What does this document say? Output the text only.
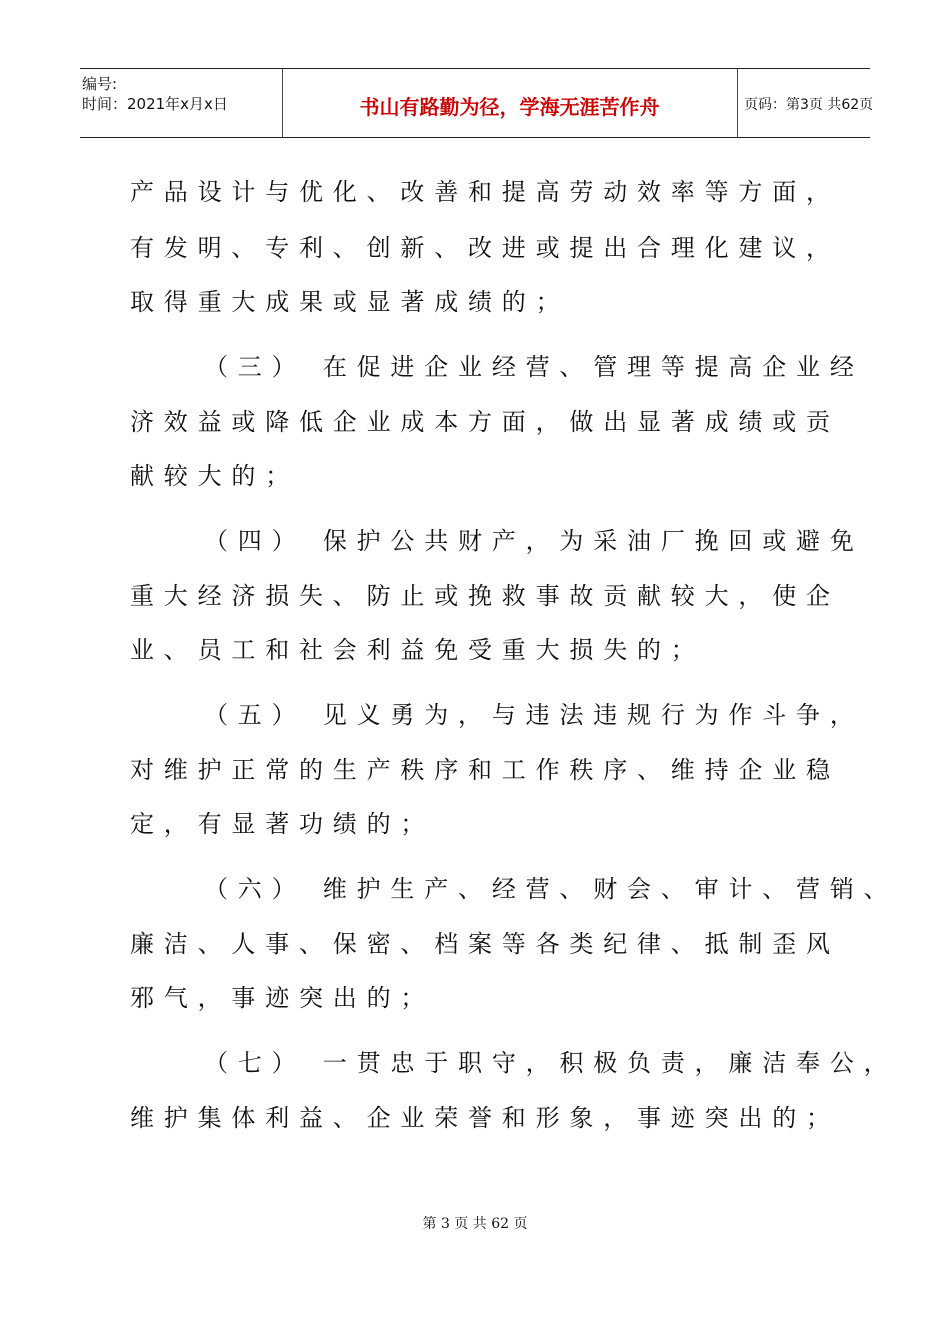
编号:
时间：2021年x月x日	书山有路勤为径，学海无涯苦作舟	页码：第3页 共62页
产品设计与优化、改善和提高劳动效率等方面，
有发明、专利、创新、改进或提出合理化建议，
取得重大成果或显著成绩的；
（三） 在促进企业经营、管理等提高企业经
济效益或降低企业成本方面，做出显著成绩或贡
献较大的；
（四） 保护公共财产，为采油厂挽回或避免
重大经济损失、防止或挽救事故贡献较大，使企
业、员工和社会利益免受重大损失的；
（五） 见义勇为，与违法违规行为作斗争，
对维护正常的生产秩序和工作秩序、维持企业稳
定，有显著功绩的；
（六） 维护生产、经营、财会、审计、营销、
廉洁、人事、保密、档案等各类纪律、抵制歪风
邪气，事迹突出的；
（七） 一贯忠于职守，积极负责，廉洁奉公，
维护集体利益、企业荣誉和形象，事迹突出的；
第 3 页 共 62 页
